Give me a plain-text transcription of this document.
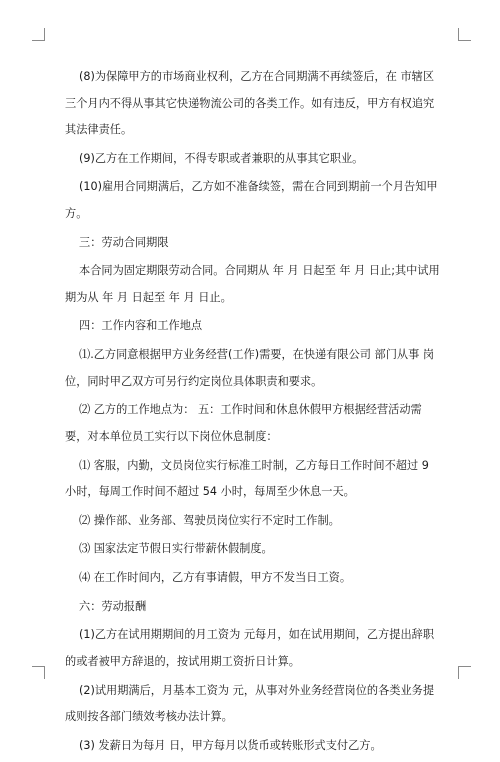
(8)为保障甲方的市场商业权利，乙方在合同期满不再续签后，在 市辖区三个月内不得从事其它快递物流公司的各类工作。如有违反，甲方有权追究其法律责任。

(9)乙方在工作期间，不得专职或者兼职的从事其它职业。

(10)雇用合同期满后，乙方如不准备续签，需在合同到期前一个月告知甲方。

三：劳动合同期限

本合同为固定期限劳动合同。合同期从 年 月 日起至 年 月 日止;其中试用期为从 年 月 日起至 年 月 日止。

四：工作内容和工作地点

⑴.乙方同意根据甲方业务经营(工作)需要，在快递有限公司 部门从事 岗位，同时甲乙双方可另行约定岗位具体职责和要求。

⑵ 乙方的工作地点为： 五：工作时间和休息休假甲方根据经营活动需要，对本单位员工实行以下岗位休息制度：

⑴ 客服，内勤，文员岗位实行标准工时制，乙方每日工作时间不超过 9 小时，每周工作时间不超过 54 小时，每周至少休息一天。

⑵ 操作部、业务部、驾驶员岗位实行不定时工作制。

⑶ 国家法定节假日实行带薪休假制度。

⑷ 在工作时间内，乙方有事请假，甲方不发当日工资。

六：劳动报酬

(1)乙方在试用期期间的月工资为 元每月，如在试用期间，乙方提出辞职的或者被甲方辞退的，按试用期工资折日计算。

(2)试用期满后，月基本工资为 元，从事对外业务经营岗位的各类业务提成则按各部门绩效考核办法计算。

(3) 发薪日为每月 日，甲方每月以货币或转账形式支付乙方。
